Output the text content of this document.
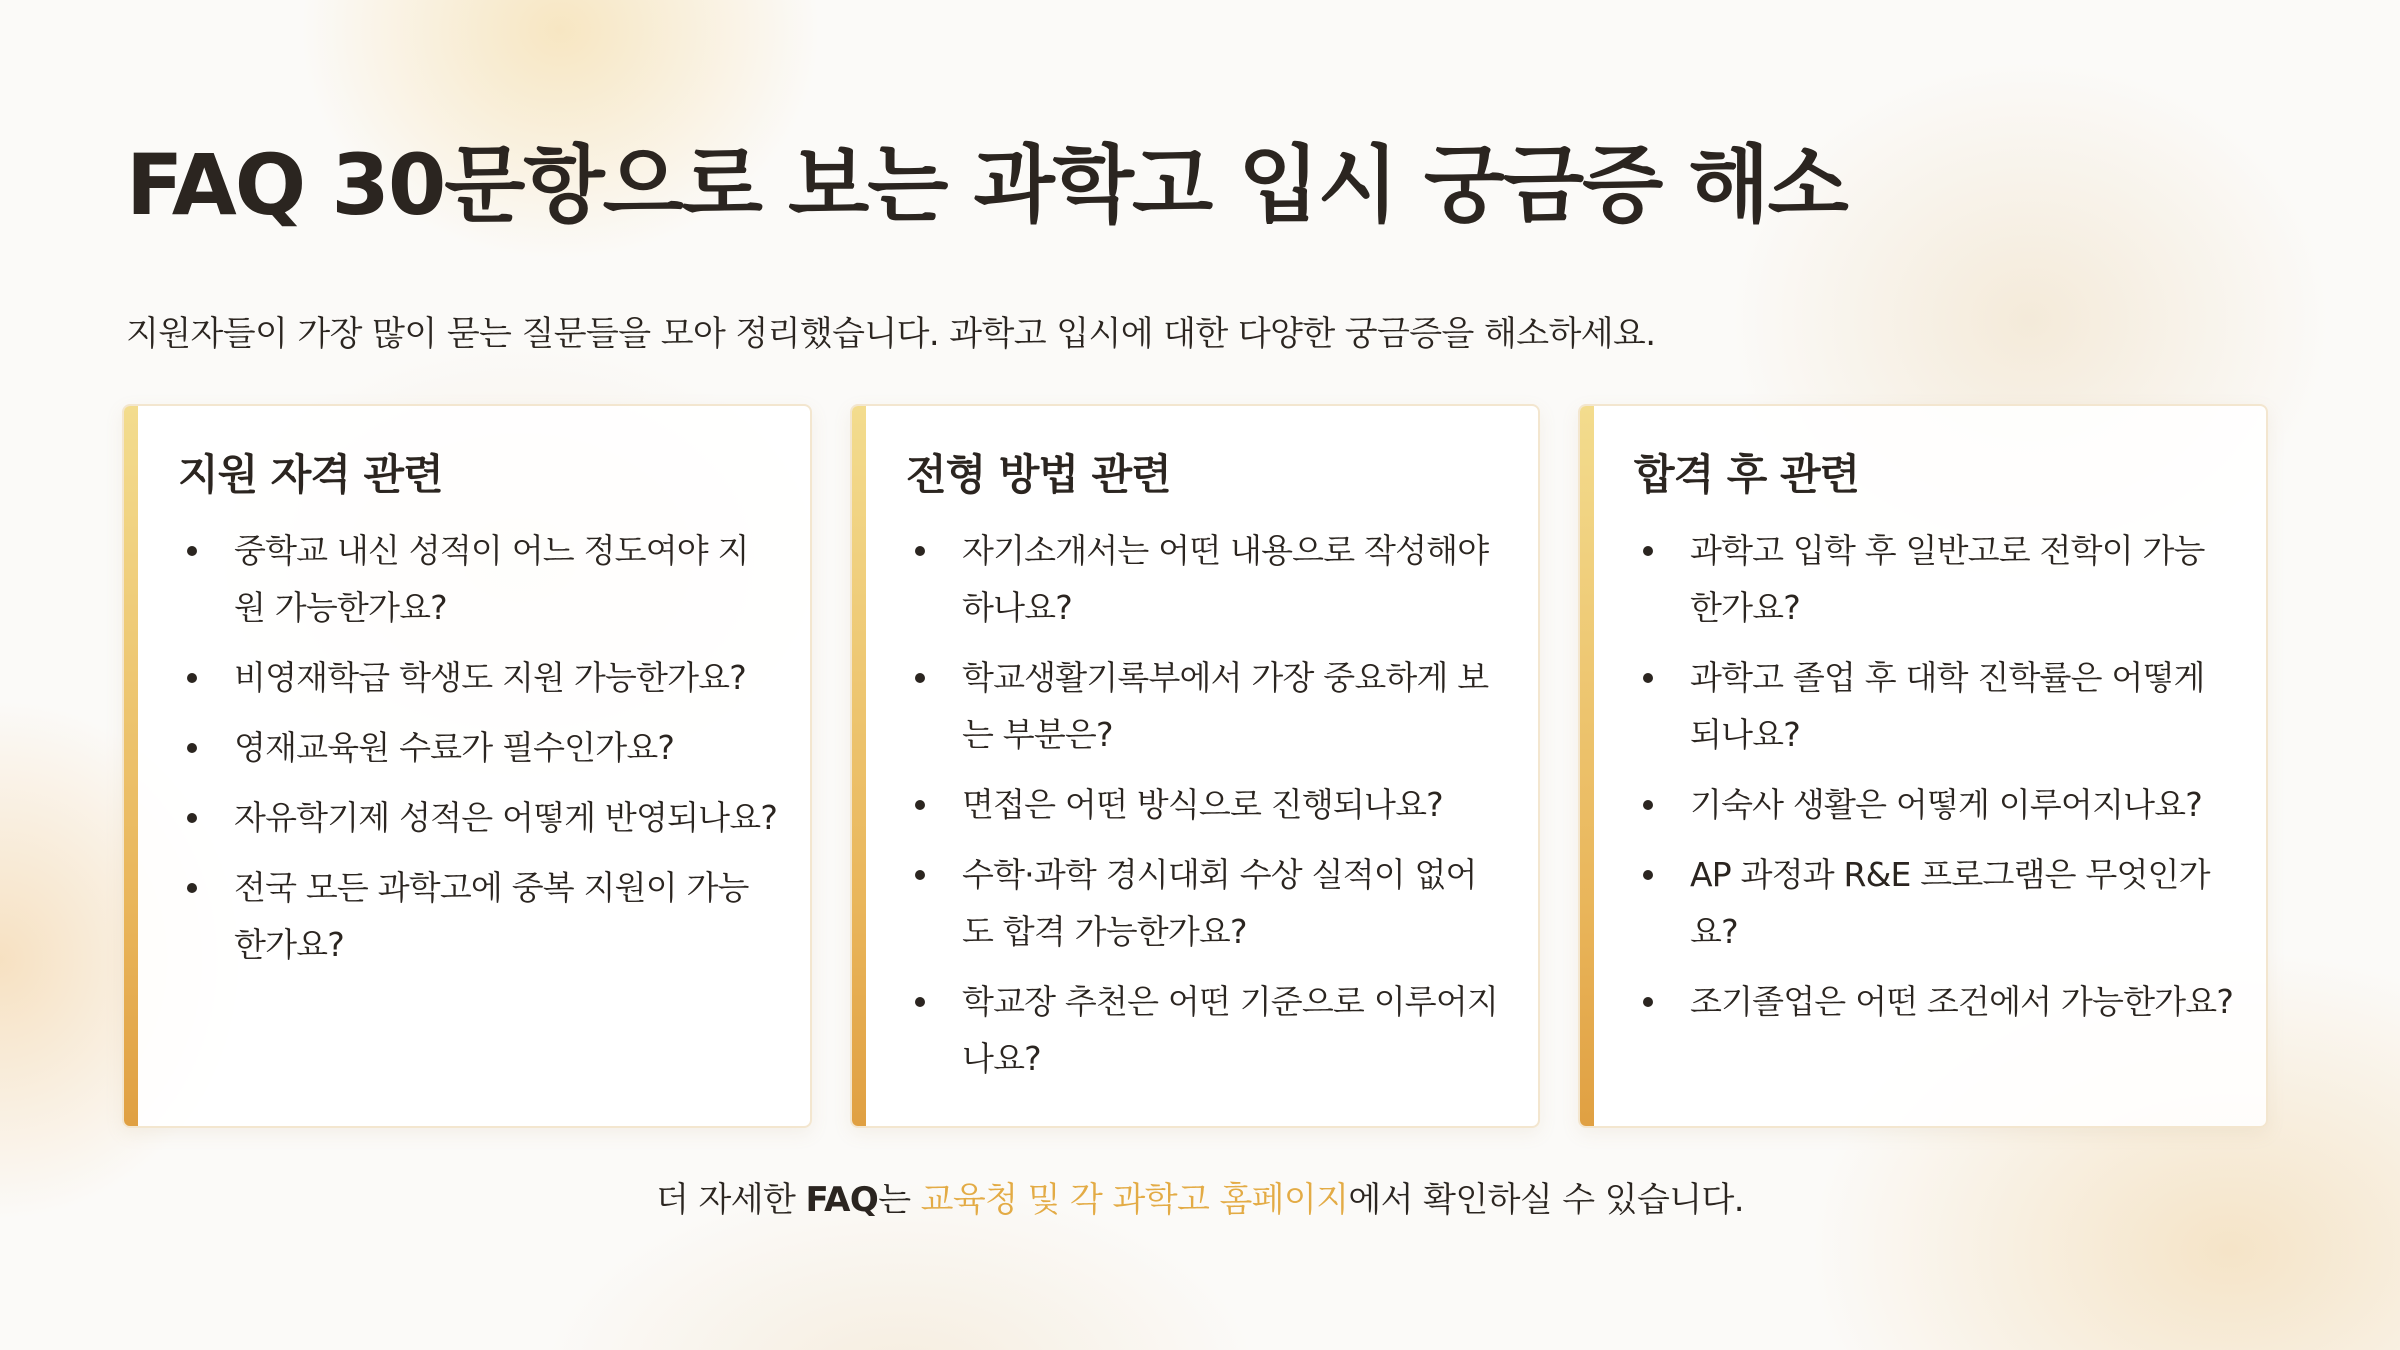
FAQ 30문항으로 보는 과학고 입시 궁금증 해소

지원자들이 가장 많이 묻는 질문들을 모아 정리했습니다. 과학고 입시에 대한 다양한 궁금증을 해소하세요.

지원 자격 관련
중학교 내신 성적이 어느 정도여야 지원 가능한가요?
비영재학급 학생도 지원 가능한가요?
영재교육원 수료가 필수인가요?
자유학기제 성적은 어떻게 반영되나요?
전국 모든 과학고에 중복 지원이 가능한가요?
전형 방법 관련
자기소개서는 어떤 내용으로 작성해야 하나요?
학교생활기록부에서 가장 중요하게 보는 부분은?
면접은 어떤 방식으로 진행되나요?
수학·과학 경시대회 수상 실적이 없어도 합격 가능한가요?
학교장 추천은 어떤 기준으로 이루어지나요?
합격 후 관련
과학고 입학 후 일반고로 전학이 가능한가요?
과학고 졸업 후 대학 진학률은 어떻게 되나요?
기숙사 생활은 어떻게 이루어지나요?
AP 과정과 R&E 프로그램은 무엇인가요?
조기졸업은 어떤 조건에서 가능한가요?

더 자세한 FAQ는 교육청 및 각 과학고 홈페이지에서 확인하실 수 있습니다.
